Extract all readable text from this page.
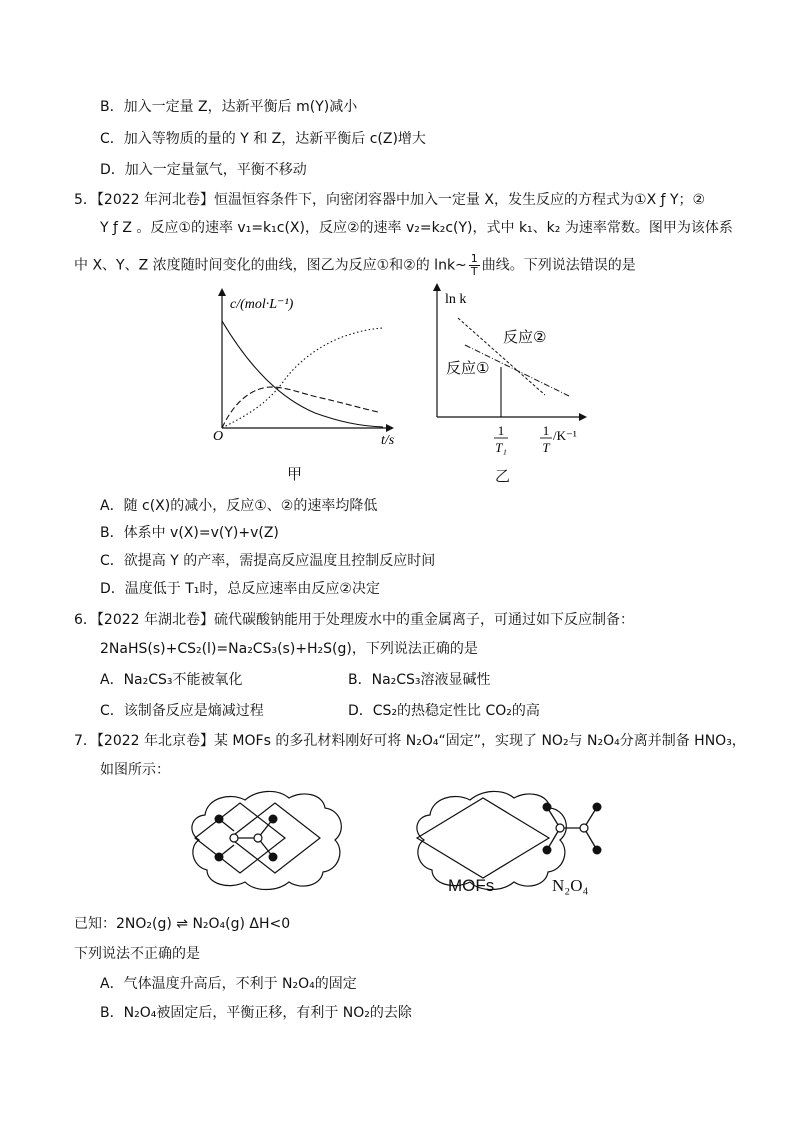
B．加入一定量 Z，达新平衡后 m(Y)减小
C．加入等物质的量的 Y 和 Z，达新平衡后 c(Z)增大
D．加入一定量氩气，平衡不移动
5．【2022 年河北卷】恒温恒容条件下，向密闭容器中加入一定量 X，发生反应的方程式为①X ƒ Y；②
Y ƒ Z 。反应①的速率 v₁=k₁c(X)，反应②的速率 v₂=k₂c(Y)，式中 k₁、k₂ 为速率常数。图甲为该体系
中 X、Y、Z 浓度随时间变化的曲线，图乙为反应①和②的 lnk~ $\frac{1}{T}$ 曲线。下列说法错误的是
c/(mol·L⁻¹)
O	t/s
甲
ln k
反应②
反应①
1
T₁
1
T
/K⁻¹
乙
A．随 c(X)的减小，反应①、②的速率均降低
B．体系中 v(X)=v(Y)+v(Z)
C．欲提高 Y 的产率，需提高反应温度且控制反应时间
D．温度低于 T₁时，总反应速率由反应②决定
6．【2022 年湖北卷】硫代碳酸钠能用于处理废水中的重金属离子，可通过如下反应制备：
2NaHS(s)+CS₂(l)=Na₂CS₃(s)+H₂S(g)，下列说法正确的是
A．Na₂CS₃不能被氧化	B．Na₂CS₃溶液显碱性
C．该制备反应是熵减过程	D．CS₂的热稳定性比 CO₂的高
7．【2022 年北京卷】某 MOFs 的多孔材料刚好可将 N₂O₄“固定”，实现了 NO₂与 N₂O₄分离并制备 HNO₃，
如图所示：
MOFs	N₂O₄
已知：2NO₂(g) ⇌ N₂O₄(g) ΔH<0
下列说法不正确的是
A．气体温度升高后，不利于 N₂O₄的固定
B．N₂O₄被固定后，平衡正移，有利于 NO₂的去除
